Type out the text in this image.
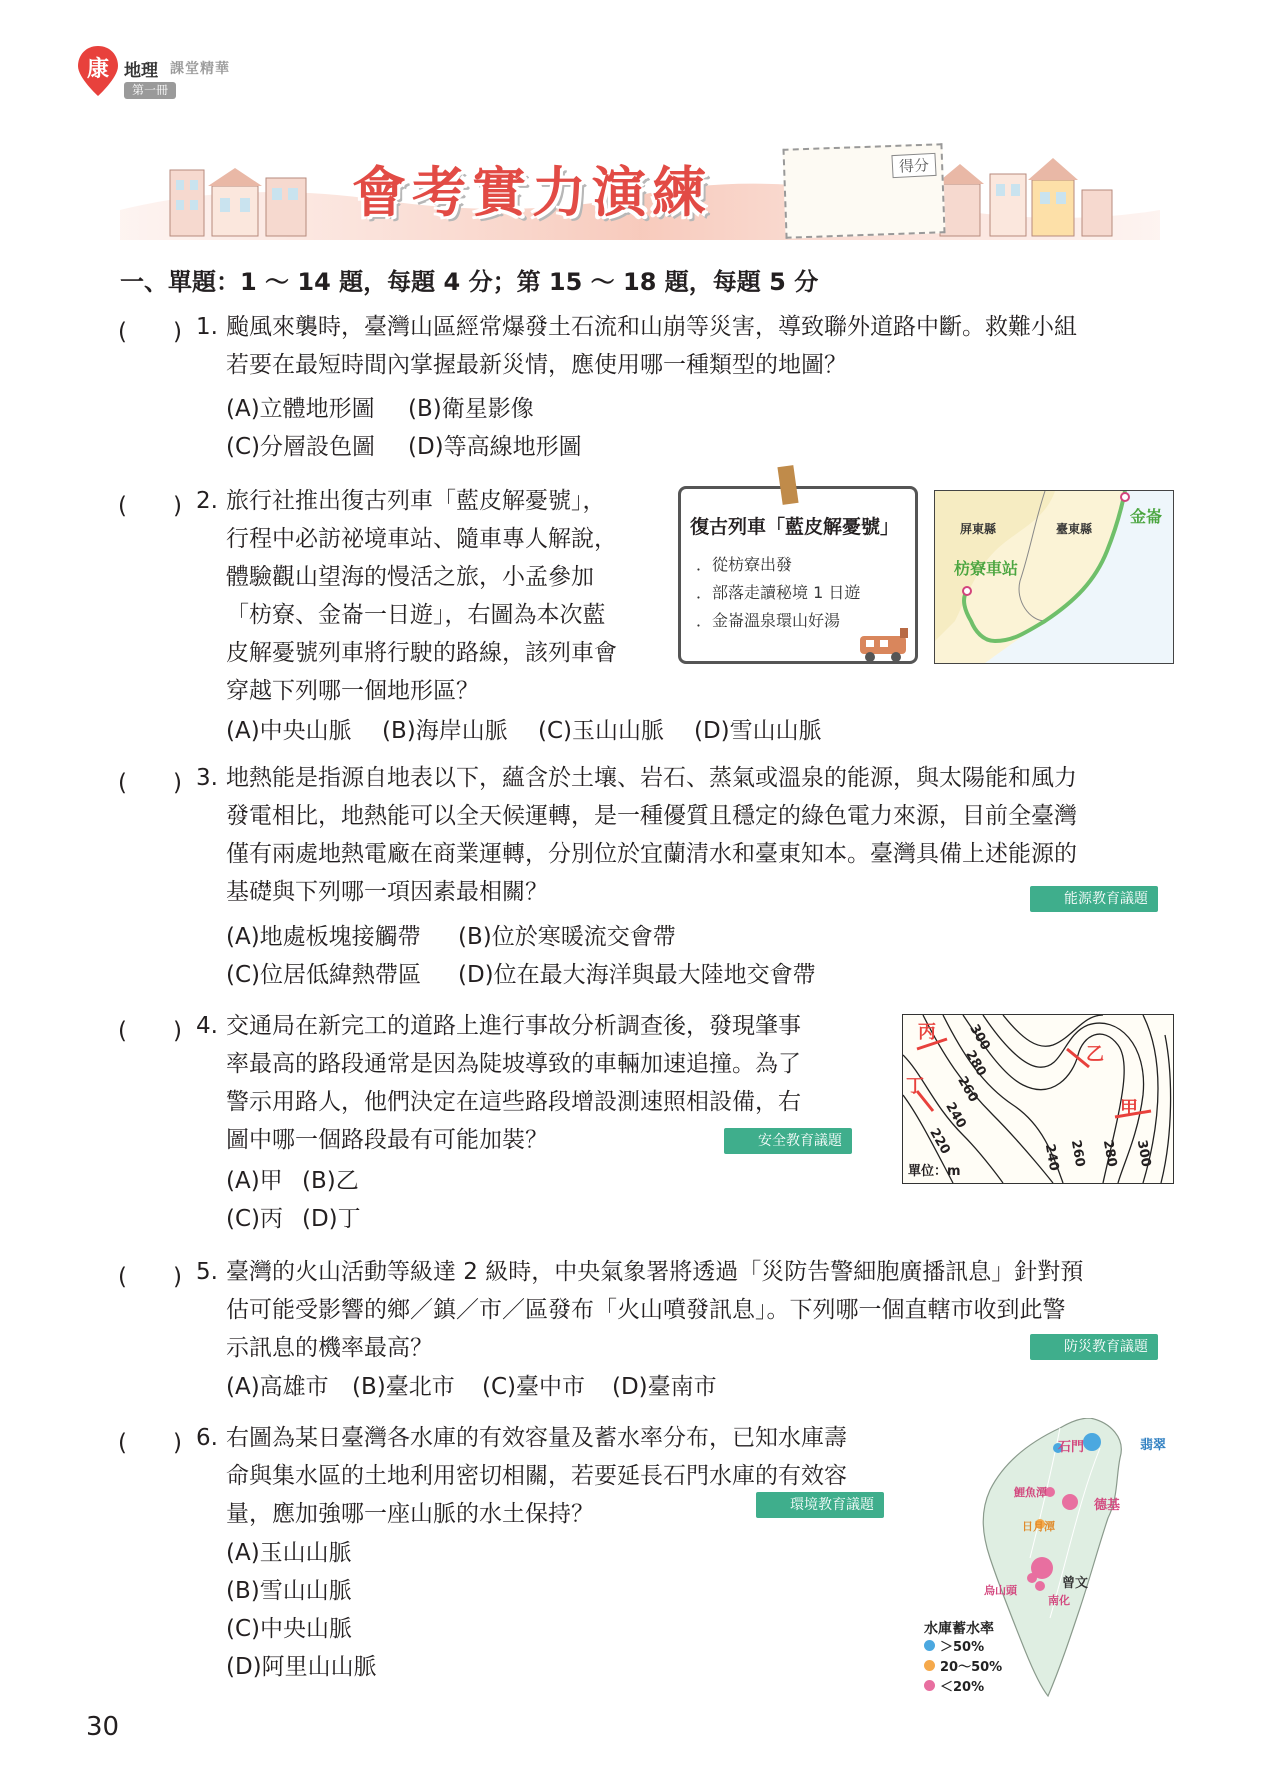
康 地理 課堂精華
第一冊
會考實力演練	得分
一、單題：1 ～ 14 題，每題 4 分；第 15 ～ 18 題，每題 5 分
(　　) 1. 颱風來襲時，臺灣山區經常爆發土石流和山崩等災害，導致聯外道路中斷。救難小組
若要在最短時間內掌握最新災情，應使用哪一種類型的地圖？
(A)立體地形圖 (B)衛星影像
(C)分層設色圖 (D)等高線地形圖
(　　) 2. 旅行社推出復古列車「藍皮解憂號」，
行程中必訪祕境車站、隨車專人解說，
體驗觀山望海的慢活之旅，小孟參加
「枋寮、金崙一日遊」，右圖為本次藍
皮解憂號列車將行駛的路線，該列車會
穿越下列哪一個地形區？
(A)中央山脈 (B)海岸山脈 (C)玉山山脈 (D)雪山山脈
復古列車「藍皮解憂號」
．從枋寮出發
．部落走讀秘境 1 日遊
．金崙溫泉環山好湯
屏東縣	臺東縣
金崙
枋寮車站
(　　) 3. 地熱能是指源自地表以下，蘊含於土壤、岩石、蒸氣或溫泉的能源，與太陽能和風力
發電相比，地熱能可以全天候運轉，是一種優質且穩定的綠色電力來源，目前全臺灣
僅有兩處地熱電廠在商業運轉，分別位於宜蘭清水和臺東知本。臺灣具備上述能源的
基礎與下列哪一項因素最相關？	能源教育議題
(A)地處板塊接觸帶 (B)位於寒暖流交會帶
(C)位居低緯熱帶區 (D)位在最大海洋與最大陸地交會帶
(　　) 4. 交通局在新完工的道路上進行事故分析調查後，發現肇事
率最高的路段通常是因為陡坡導致的車輛加速追撞。為了
警示用路人，他們決定在這些路段增設測速照相設備，右
圖中哪一個路段最有可能加裝？	安全教育議題
(A)甲 (B)乙
(C)丙 (D)丁
丙
乙
丁
甲
300
280
260
240
220
240 260 280 300
單位：m
(　　) 5. 臺灣的火山活動等級達 2 級時，中央氣象署將透過「災防告警細胞廣播訊息」針對預
估可能受影響的鄉／鎮／市／區發布「火山噴發訊息」。下列哪一個直轄市收到此警
示訊息的機率最高？	防災教育議題
(A)高雄市 (B)臺北市 (C)臺中市 (D)臺南市
(　　) 6. 右圖為某日臺灣各水庫的有效容量及蓄水率分布，已知水庫壽
命與集水區的土地利用密切相關，若要延長石門水庫的有效容
量，應加強哪一座山脈的水土保持？	環境教育議題
(A)玉山山脈
(B)雪山山脈
(C)中央山脈
(D)阿里山山脈
石門	翡翠
鯉魚潭
德基
日月潭
曾文
烏山頭
南化
水庫蓄水率
＞50%
20～50%
＜20%
30
